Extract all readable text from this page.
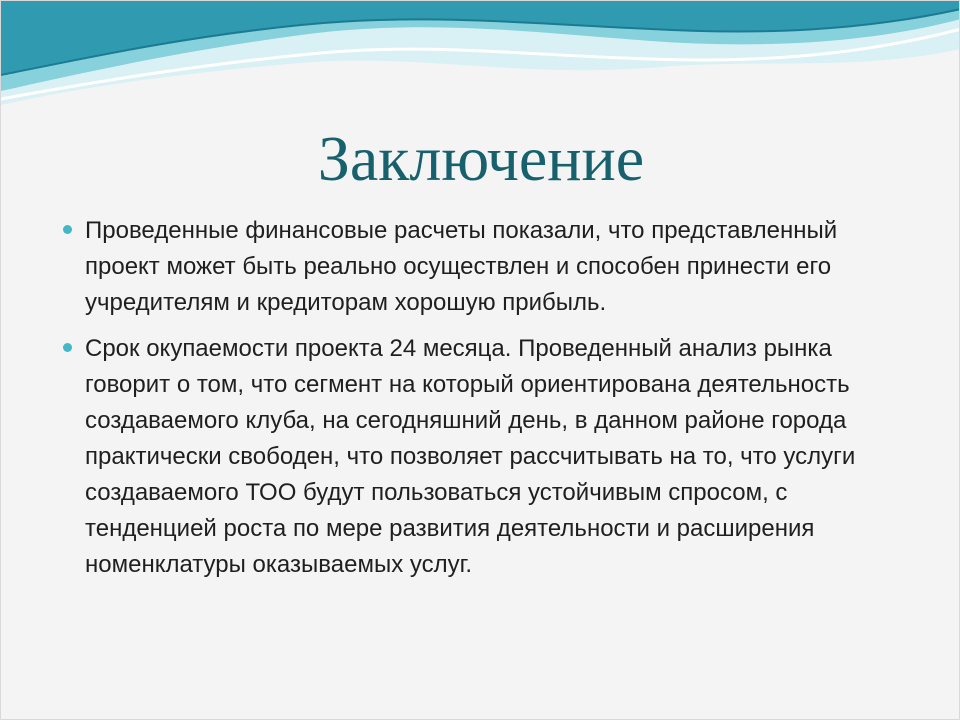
Заключение
Проведенные финансовые расчеты показали, что представленный проект может быть реально осуществлен и способен принести его учредителям и кредиторам хорошую прибыль.
Срок окупаемости проекта 24 месяца. Проведенный анализ рынка говорит о том, что сегмент на который ориентирована деятельность создаваемого клуба, на сегодняшний день, в данном районе города практически свободен, что позволяет рассчитывать на то, что услуги создаваемого ТОО будут пользоваться устойчивым спросом, с тенденцией роста по мере развития деятельности и расширения номенклатуры оказываемых услуг.
